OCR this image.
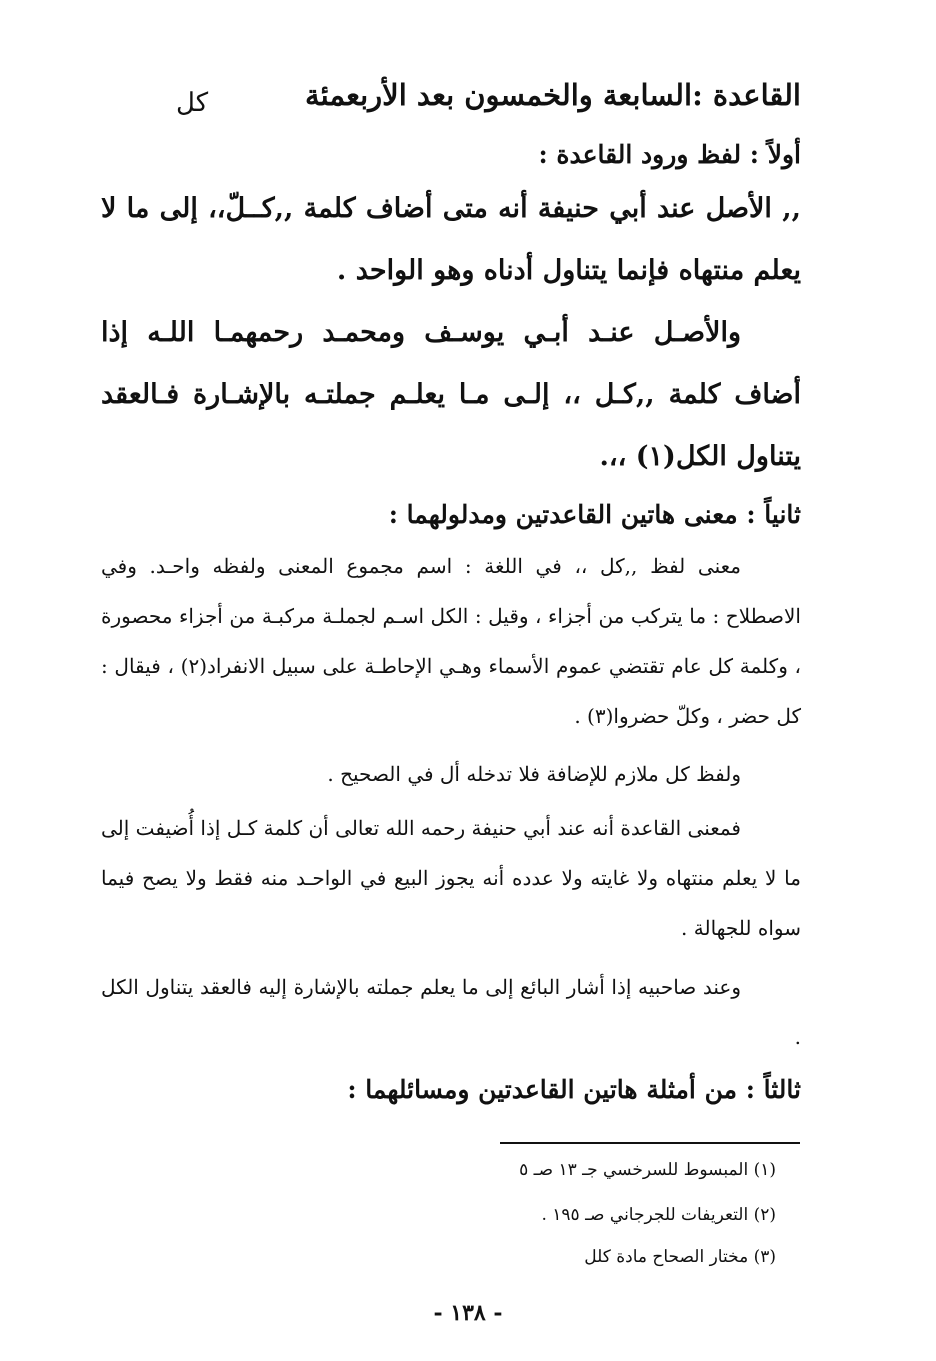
القاعدة :السابعة والخمسون بعد الأربعمئة
كل
أولاً : لفظ ورود القاعدة :
,, الأصل عند أبي حنيفة أنه متى أضاف كلمة ,,كــلّ،، إلى ما لا يعلم منتهاه فإنما يتناول أدناه وهو الواحد .
والأصـل عنـد أبـي يوسـف ومحمـد رحمهمـا اللـه إذا أضاف كلمة ,,كـل ،، إلـى مـا يعلـم جملتـه بالإشـارة فـالعقد يتناول الكل(١) ،،.
ثانياً : معنى هاتين القاعدتين ومدلولهما :
معنى لفظ ,,كل ،، في اللغة : اسم مجموع المعنى ولفظه واحـد. وفي الاصطلاح : ما يتركب من أجزاء ، وقيل : الكل اسـم لجملـة مركبـة من أجزاء محصورة ، وكلمة كل عام تقتضي عموم الأسماء وهـي الإحاطـة على سبيل الانفراد(٢) ، فيقال : كل حضر ، وكلّ حضروا(٣) .
ولفظ كل ملازم للإضافة فلا تدخله أل في الصحيح .
فمعنى القاعدة أنه عند أبي حنيفة رحمه الله تعالى أن كلمة كـل إذا أُضيفت إلى ما لا يعلم منتهاه ولا غايته ولا عدده أنه يجوز البيع في الواحـد منه فقط ولا يصح فيما سواه للجهالة .
وعند صاحبيه إذا أشار البائع إلى ما يعلم جملته بالإشارة إليه فالعقد يتناول الكل .
ثالثاً : من أمثلة هاتين القاعدتين ومسائلهما :
(١) المبسوط للسرخسي جـ ١٣ صـ ٥
(٢) التعريفات للجرجاني صـ ١٩٥ .
(٣) مختار الصحاح مادة كلل
- ١٣٨ -
